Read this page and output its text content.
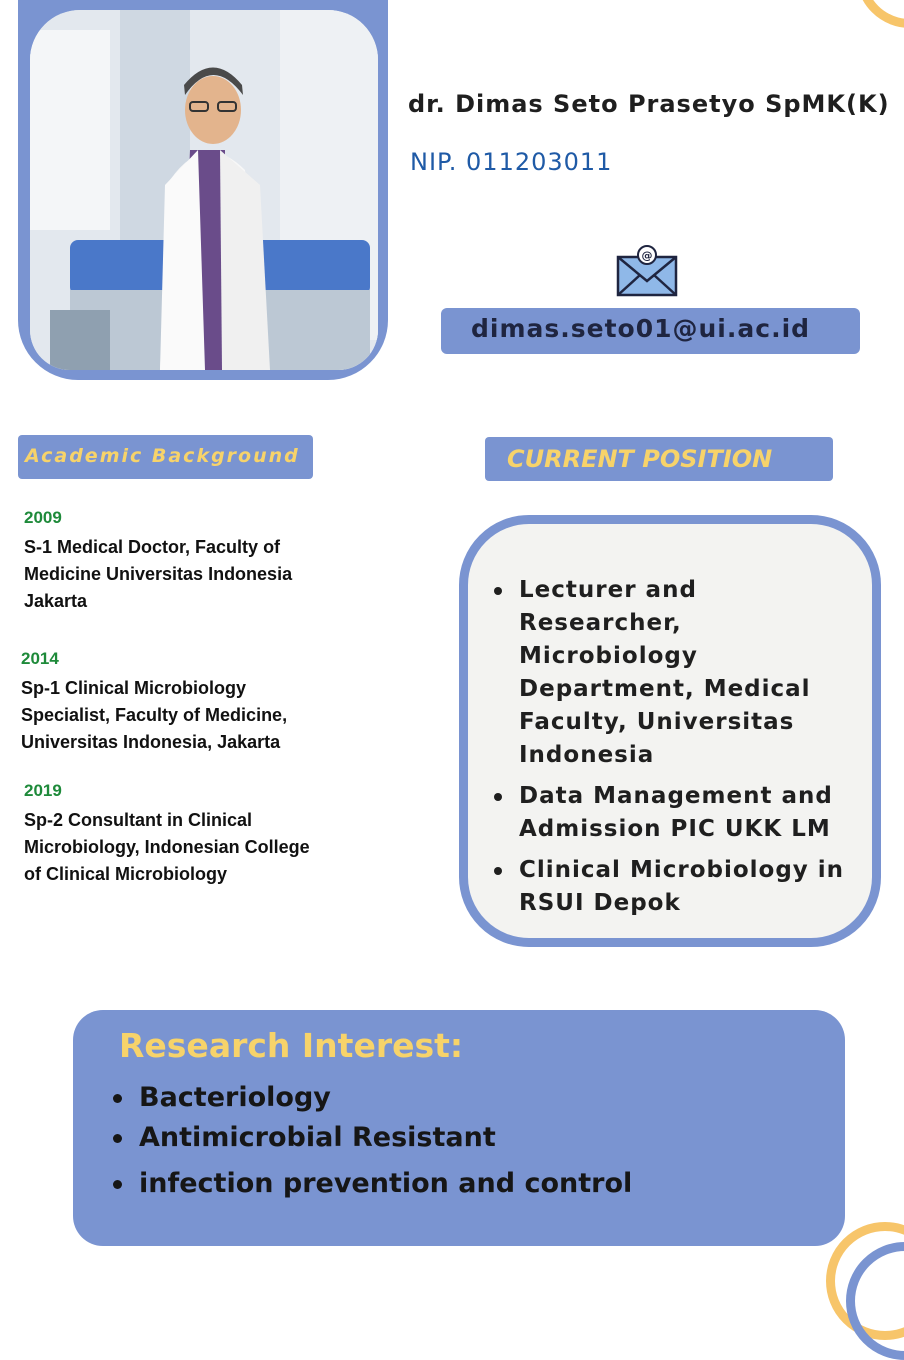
dr. Dimas Seto Prasetyo SpMK(K)
NIP. 011203011
@
dimas.seto01@ui.ac.id
Academic Background	CURRENT POSITION
2009
S-1 Medical Doctor, Faculty of
Medicine Universitas Indonesia
Jakarta
2014
Sp-1 Clinical Microbiology
Specialist, Faculty of Medicine,
Universitas Indonesia, Jakarta
2019
Sp-2 Consultant in Clinical
Microbiology, Indonesian College
of Clinical Microbiology
Lecturer and Researcher, Microbiology Department, Medical Faculty, Universitas Indonesia
Data Management and Admission PIC UKK LM
Clinical Microbiology in RSUI Depok
Research Interest:
Bacteriology
Antimicrobial Resistant
infection prevention and control
